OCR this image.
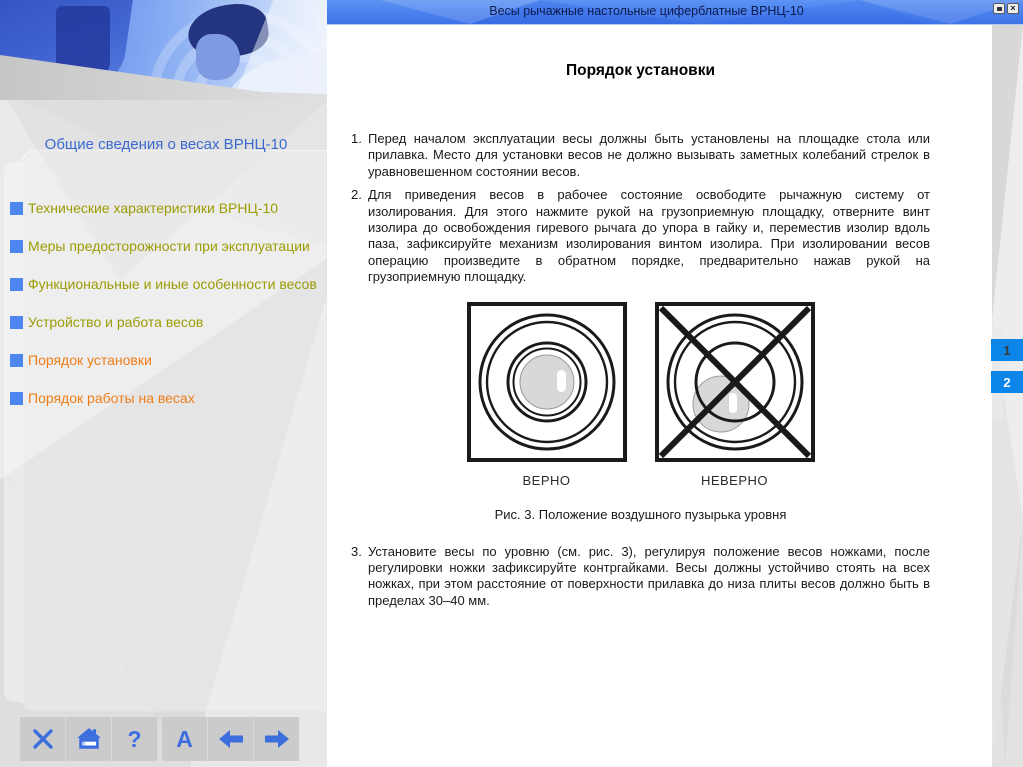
Весы рычажные настольные циферблатные ВРНЦ-10	×
Общие сведения о весах ВРНЦ-10
Технические характеристики ВРНЦ-10
Меры предосторожности при эксплуатации
Функциональные и иные особенности весов
Устройство и работа весов
Порядок установки
Порядок работы на весах
? A
Порядок установки
1. Перед началом эксплуатации весы должны быть установлены на площадке стола или прилавка. Место для установки весов не должно вызывать заметных колебаний стрелок в уравновешенном состоянии весов.
2. Для приведения весов в рабочее состояние освободите рычажную систему от изолирования. Для этого нажмите рукой на грузоприемную площадку, отверните винт изолира до освобождения гиревого рычага до упора в гайку и, переместив изолир вдоль паза, зафиксируйте механизм изолирования винтом изолира. При изолировании весов операцию произведите в обратном порядке, предварительно нажав рукой на грузоприемную площадку.
ВЕРНО	НЕВЕРНО
Рис. 3. Положение воздушного пузырька уровня
3. Установите весы по уровню (см. рис. 3), регулируя положение весов ножками, после регулировки ножки зафиксируйте контргайками. Весы должны устойчиво стоять на всех ножках, при этом расстояние от поверхности прилавка до низа плиты весов должно быть в пределах 30–40 мм.
1
2
